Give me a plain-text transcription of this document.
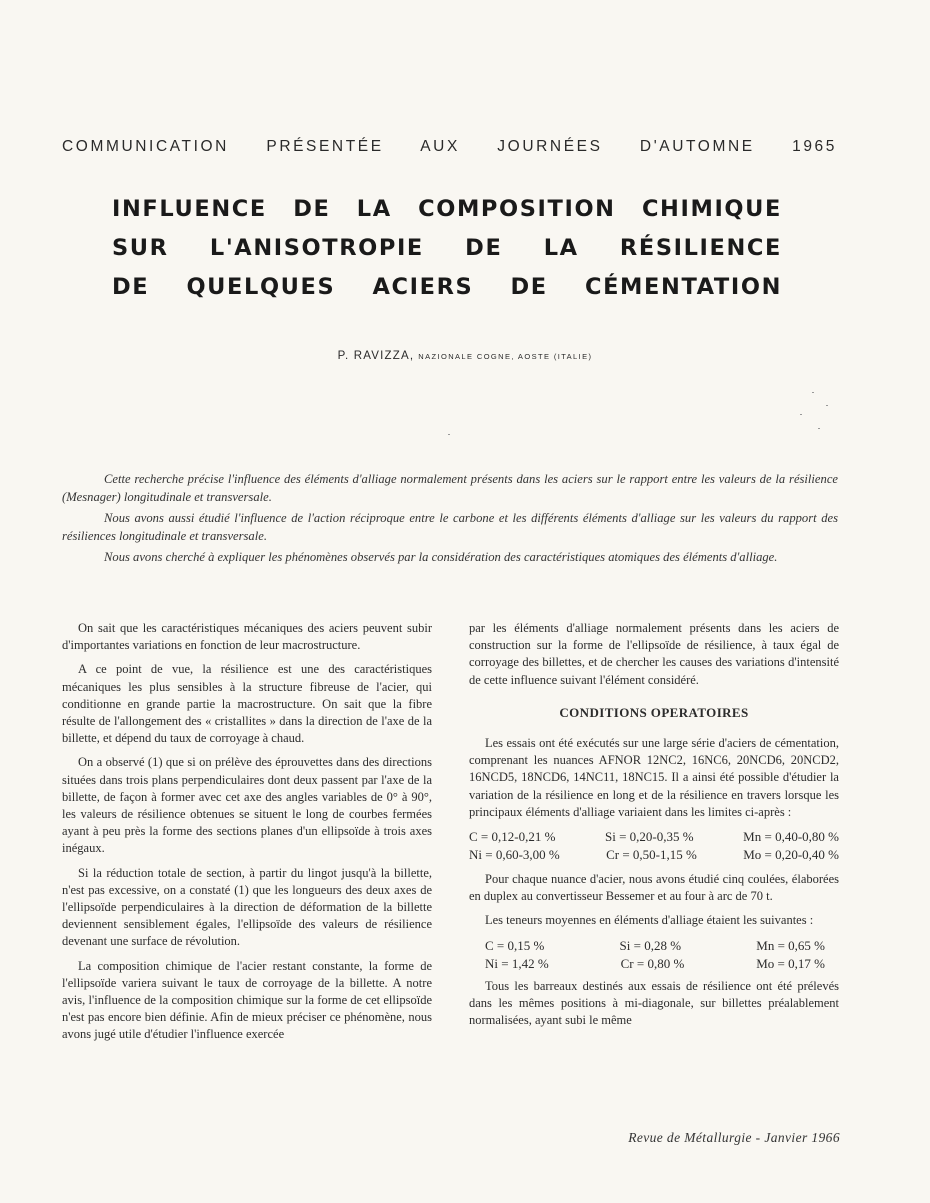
COMMUNICATION PRÉSENTÉE AUX JOURNÉES D'AUTOMNE 1965
INFLUENCE DE LA COMPOSITION CHIMIQUE
SUR L'ANISOTROPIE DE LA RÉSILIENCE
DE QUELQUES ACIERS DE CÉMENTATION
P. RAVIZZA, NAZIONALE COGNE, AOSTE (ITALIE)

Cette recherche précise l'influence des éléments d'alliage normalement présents dans les aciers sur le rapport entre les valeurs de la résilience (Mesnager) longitudinale et transversale.

Nous avons aussi étudié l'influence de l'action réciproque entre le carbone et les différents éléments d'alliage sur les valeurs du rapport des résiliences longitudinale et transversale.

Nous avons cherché à expliquer les phénomènes observés par la considération des caractéristiques atomiques des éléments d'alliage.

On sait que les caractéristiques mécaniques des aciers peuvent subir d'importantes variations en fonction de leur macrostructure.

A ce point de vue, la résilience est une des caractéristiques mécaniques les plus sensibles à la structure fibreuse de l'acier, qui conditionne en grande partie la macrostructure. On sait que la fibre résulte de l'allongement des « cristallites » dans la direction de l'axe de la billette, et dépend du taux de corroyage à chaud.

On a observé (1) que si on prélève des éprouvettes dans des directions situées dans trois plans perpendiculaires dont deux passent par l'axe de la billette, de façon à former avec cet axe des angles variables de 0° à 90°, les valeurs de résilience obtenues se situent le long de courbes fermées ayant à peu près la forme des sections planes d'un ellipsoïde à trois axes inégaux.

Si la réduction totale de section, à partir du lingot jusqu'à la billette, n'est pas excessive, on a constaté (1) que les longueurs des deux axes de l'ellipsoïde perpendiculaires à la direction de déformation de la billette deviennent sensiblement égales, l'ellipsoïde des valeurs de résilience devenant une surface de révolution.

La composition chimique de l'acier restant constante, la forme de l'ellipsoïde variera suivant le taux de corroyage de la billette. A notre avis, l'influence de la composition chimique sur la forme de cet ellipsoïde n'est pas encore bien définie. Afin de mieux préciser ce phénomène, nous avons jugé utile d'étudier l'influence exercée

par les éléments d'alliage normalement présents dans les aciers de construction sur la forme de l'ellipsoïde de résilience, à taux égal de corroyage des billettes, et de chercher les causes des variations d'intensité de cette influence suivant l'élément considéré.

CONDITIONS OPERATOIRES

Les essais ont été exécutés sur une large série d'aciers de cémentation, comprenant les nuances AFNOR 12NC2, 16NC6, 20NCD6, 20NCD2, 16NCD5, 18NCD6, 14NC11, 18NC15. Il a ainsi été possible d'étudier la variation de la résilience en long et de la résilience en travers lorsque les principaux éléments d'alliage variaient dans les limites ci-après :

C = 0,12-0,21 %	Si = 0,20-0,35 %	Mn = 0,40-0,80 %
Ni = 0,60-3,00 %	Cr = 0,50-1,15 %	Mo = 0,20-0,40 %

Pour chaque nuance d'acier, nous avons étudié cinq coulées, élaborées en duplex au convertisseur Bessemer et au four à arc de 70 t.

Les teneurs moyennes en éléments d'alliage étaient les suivantes :

C = 0,15 %	Si = 0,28 %	Mn = 0,65 %
Ni = 1,42 %	Cr = 0,80 %	Mo = 0,17 %

Tous les barreaux destinés aux essais de résilience ont été prélevés dans les mêmes positions à mi-diagonale, sur billettes préalablement normalisées, ayant subi le même

Revue de Métallurgie - Janvier 1966
